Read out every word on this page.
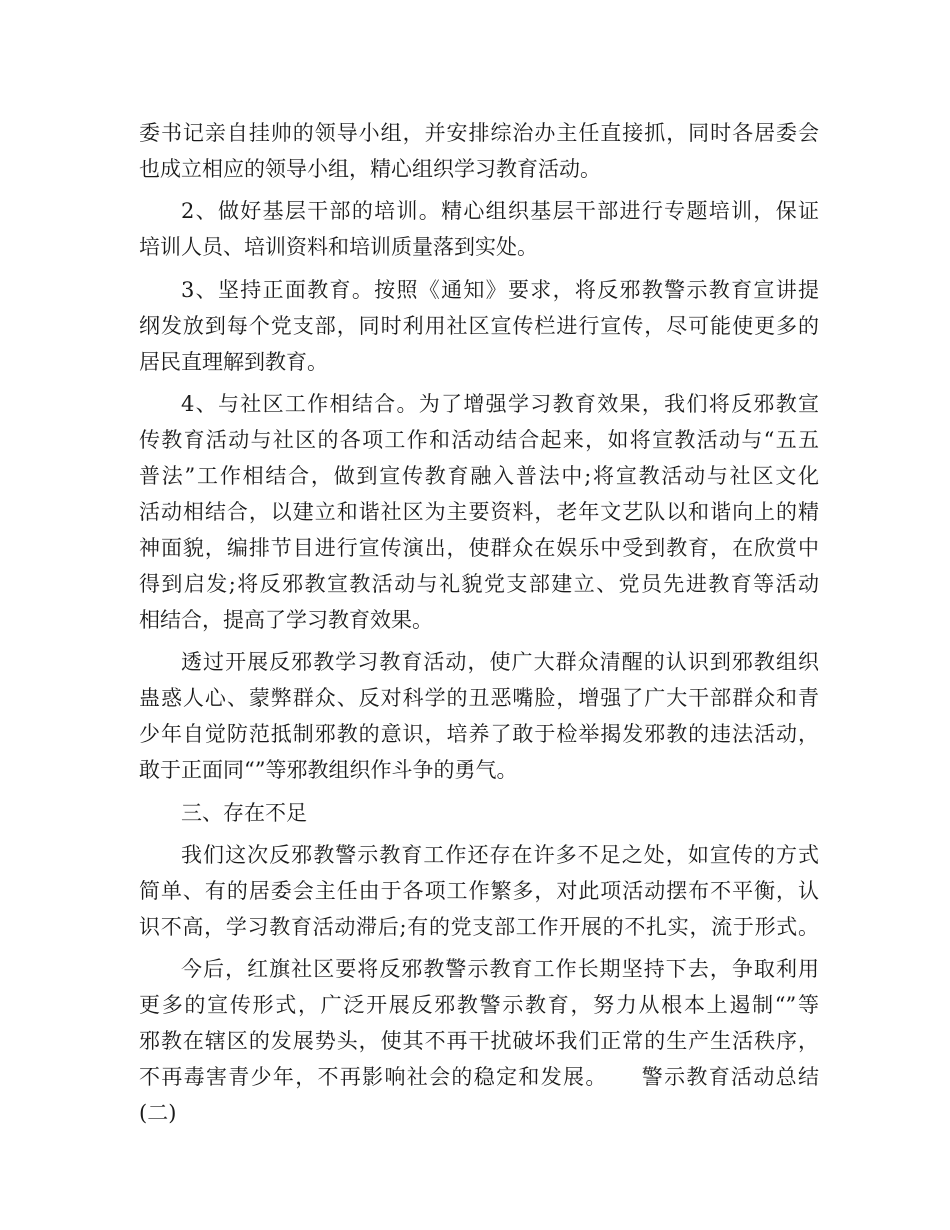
委书记亲自挂帅的领导小组，并安排综治办主任直接抓，同时各居委会
也成立相应的领导小组，精心组织学习教育活动。
2、做好基层干部的培训。精心组织基层干部进行专题培训，保证
培训人员、培训资料和培训质量落到实处。
3、坚持正面教育。按照《通知》要求，将反邪教警示教育宣讲提
纲发放到每个党支部，同时利用社区宣传栏进行宣传，尽可能使更多的
居民直理解到教育。
4、与社区工作相结合。为了增强学习教育效果，我们将反邪教宣
传教育活动与社区的各项工作和活动结合起来，如将宣教活动与“五五
普法”工作相结合，做到宣传教育融入普法中;将宣教活动与社区文化
活动相结合，以建立和谐社区为主要资料，老年文艺队以和谐向上的精
神面貌，编排节目进行宣传演出，使群众在娱乐中受到教育，在欣赏中
得到启发;将反邪教宣教活动与礼貌党支部建立、党员先进教育等活动
相结合，提高了学习教育效果。
透过开展反邪教学习教育活动，使广大群众清醒的认识到邪教组织
蛊惑人心、蒙弊群众、反对科学的丑恶嘴脸，增强了广大干部群众和青
少年自觉防范抵制邪教的意识，培养了敢于检举揭发邪教的违法活动，
敢于正面同“”等邪教组织作斗争的勇气。
三、存在不足
我们这次反邪教警示教育工作还存在许多不足之处，如宣传的方式
简单、有的居委会主任由于各项工作繁多，对此项活动摆布不平衡，认
识不高，学习教育活动滞后;有的党支部工作开展的不扎实，流于形式。
今后，红旗社区要将反邪教警示教育工作长期坚持下去，争取利用
更多的宣传形式，广泛开展反邪教警示教育，努力从根本上遏制“”等
邪教在辖区的发展势头，使其不再干扰破坏我们正常的生产生活秩序，
不再毒害青少年，不再影响社会的稳定和发展。　　警示教育活动总结
(二)
